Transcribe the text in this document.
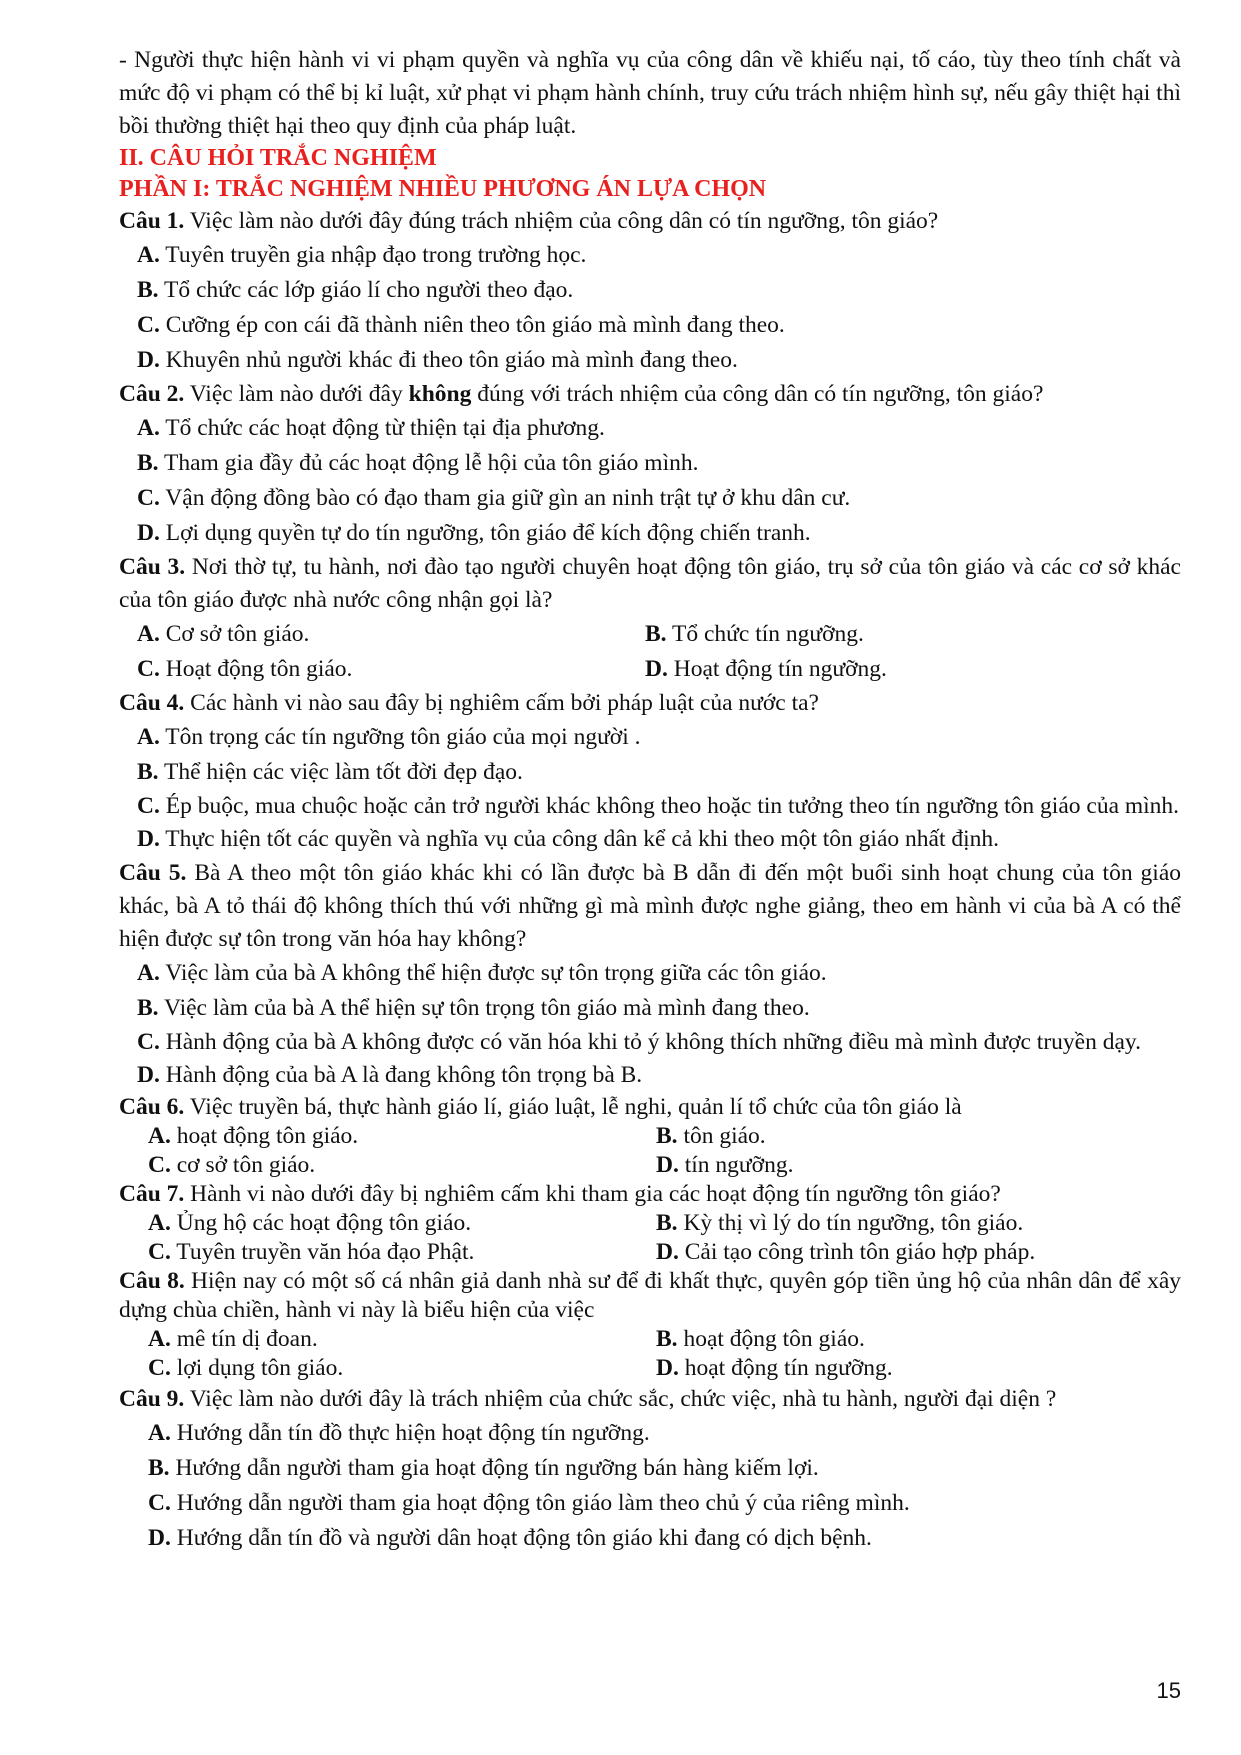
- Người thực hiện hành vi vi phạm quyền và nghĩa vụ của công dân về khiếu nại, tố cáo, tùy theo tính chất và mức độ vi phạm có thể bị kỉ luật, xử phạt vi phạm hành chính, truy cứu trách nhiệm hình sự, nếu gây thiệt hại thì bồi thường thiệt hại theo quy định của pháp luật.

II. CÂU HỎI TRẮC NGHIỆM

PHẦN I: TRẮC NGHIỆM NHIỀU PHƯƠNG ÁN LỰA CHỌN

Câu 1. Việc làm nào dưới đây đúng trách nhiệm của công dân có tín ngưỡng, tôn giáo?

A. Tuyên truyền gia nhập đạo trong trường học.
B. Tổ chức các lớp giáo lí cho người theo đạo.
C. Cưỡng ép con cái đã thành niên theo tôn giáo mà mình đang theo.
D. Khuyên nhủ người khác đi theo tôn giáo mà mình đang theo.

Câu 2. Việc làm nào dưới đây không đúng với trách nhiệm của công dân có tín ngưỡng, tôn giáo?

A. Tổ chức các hoạt động từ thiện tại địa phương.
B. Tham gia đầy đủ các hoạt động lễ hội của tôn giáo mình.
C. Vận động đồng bào có đạo tham gia giữ gìn an ninh trật tự ở khu dân cư.
D. Lợi dụng quyền tự do tín ngưỡng, tôn giáo để kích động chiến tranh.

Câu 3. Nơi thờ tự, tu hành, nơi đào tạo người chuyên hoạt động tôn giáo, trụ sở của tôn giáo và các cơ sở khác của tôn giáo được nhà nước công nhận gọi là?

A. Cơ sở tôn giáo.	B. Tổ chức tín ngưỡng.
C. Hoạt động tôn giáo.	D. Hoạt động tín ngưỡng.

Câu 4. Các hành vi nào sau đây bị nghiêm cấm bởi pháp luật của nước ta?

A. Tôn trọng các tín ngưỡng tôn giáo của mọi người .
B. Thể hiện các việc làm tốt đời đẹp đạo.
C. Ép buộc, mua chuộc hoặc cản trở người khác không theo hoặc tin tưởng theo tín ngưỡng tôn giáo của mình.
D. Thực hiện tốt các quyền và nghĩa vụ của công dân kể cả khi theo một tôn giáo nhất định.

Câu 5. Bà A theo một tôn giáo khác khi có lần được bà B dẫn đi đến một buổi sinh hoạt chung của tôn giáo khác, bà A tỏ thái độ không thích thú với những gì mà mình được nghe giảng, theo em hành vi của bà A có thể hiện được sự tôn trong văn hóa hay không?

A. Việc làm của bà A không thể hiện được sự tôn trọng giữa các tôn giáo.
B. Việc làm của bà A thể hiện sự tôn trọng tôn giáo mà mình đang theo.
C. Hành động của bà A không được có văn hóa khi tỏ ý không thích những điều mà mình được truyền dạy.
D. Hành động của bà A là đang không tôn trọng bà B.

Câu 6. Việc truyền bá, thực hành giáo lí, giáo luật, lễ nghi, quản lí tổ chức của tôn giáo là

A. hoạt động tôn giáo.	B. tôn giáo.
C. cơ sở tôn giáo.	D. tín ngưỡng.

Câu 7. Hành vi nào dưới đây bị nghiêm cấm khi tham gia các hoạt động tín ngưỡng tôn giáo?

A. Ủng hộ các hoạt động tôn giáo.	B. Kỳ thị vì lý do tín ngưỡng, tôn giáo.
C. Tuyên truyền văn hóa đạo Phật.	D. Cải tạo công trình tôn giáo hợp pháp.

Câu 8. Hiện nay có một số cá nhân giả danh nhà sư để đi khất thực, quyên góp tiền ủng hộ của nhân dân để xây dựng chùa chiền, hành vi này là biểu hiện của việc

A. mê tín dị đoan.	B. hoạt động tôn giáo.
C. lợi dụng tôn giáo.	D. hoạt động tín ngưỡng.

Câu 9. Việc làm nào dưới đây là trách nhiệm của chức sắc, chức việc, nhà tu hành, người đại diện ?

A. Hướng dẫn tín đồ thực hiện hoạt động tín ngưỡng.
B. Hướng dẫn người tham gia hoạt động tín ngưỡng bán hàng kiếm lợi.
C. Hướng dẫn người tham gia hoạt động tôn giáo làm theo chủ ý của riêng mình.
D. Hướng dẫn tín đồ và người dân hoạt động tôn giáo khi đang có dịch bệnh.
15
